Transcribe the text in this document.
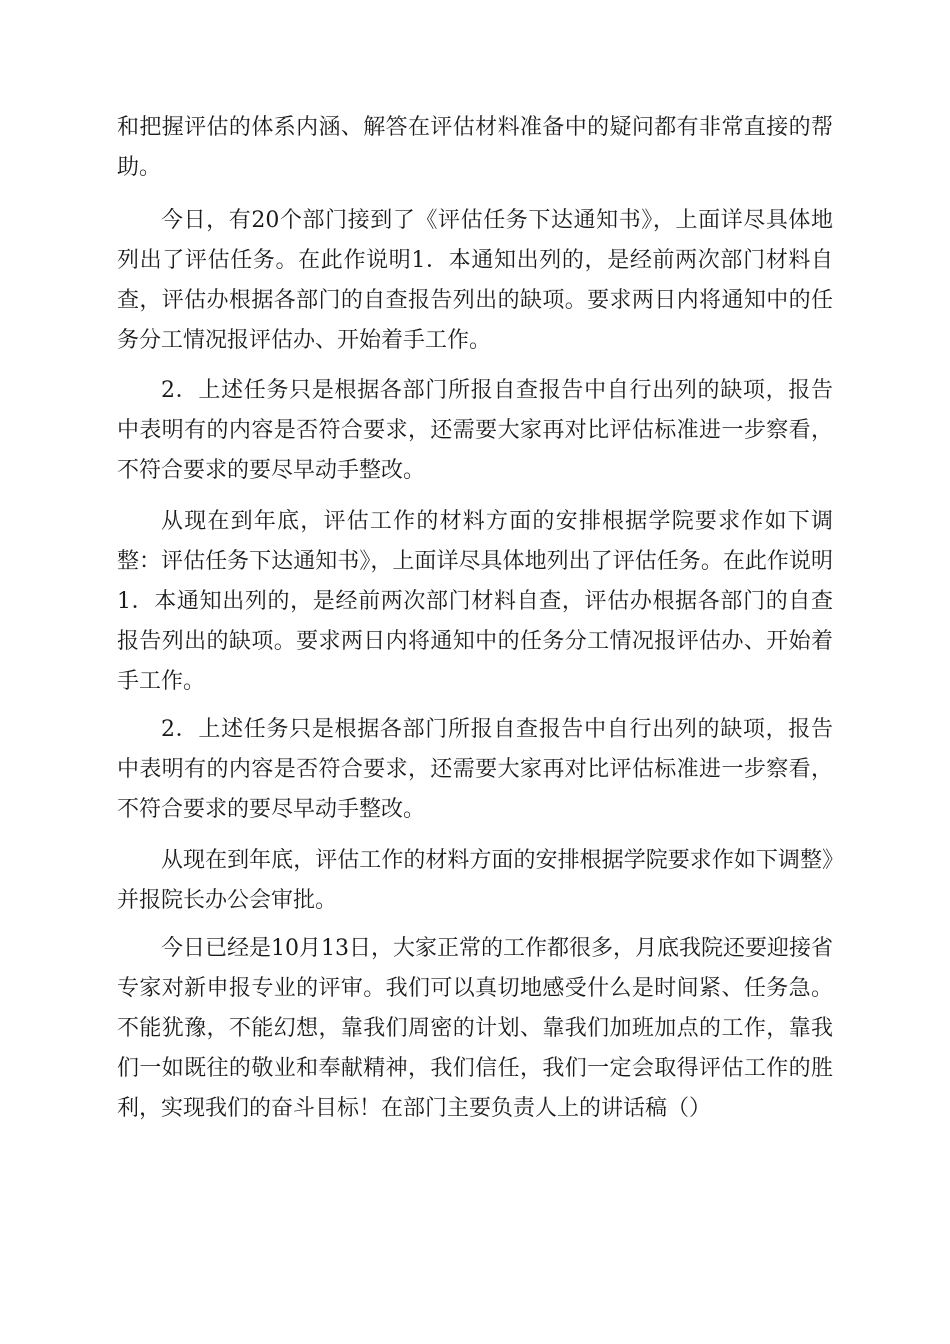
和把握评估的体系内涵、解答在评估材料准备中的疑问都有非常直接的帮助。

今日，有20个部门接到了《评估任务下达通知书》，上面详尽具体地列出了评估任务。在此作说明1．本通知出列的，是经前两次部门材料自查，评估办根据各部门的自查报告列出的缺项。要求两日内将通知中的任务分工情况报评估办、开始着手工作。

2．上述任务只是根据各部门所报自查报告中自行出列的缺项，报告中表明有的内容是否符合要求，还需要大家再对比评估标准进一步察看，不符合要求的要尽早动手整改。

从现在到年底，评估工作的材料方面的安排根据学院要求作如下调整：评估任务下达通知书》，上面详尽具体地列出了评估任务。在此作说明1．本通知出列的，是经前两次部门材料自查，评估办根据各部门的自查报告列出的缺项。要求两日内将通知中的任务分工情况报评估办、开始着手工作。

2．上述任务只是根据各部门所报自查报告中自行出列的缺项，报告中表明有的内容是否符合要求，还需要大家再对比评估标准进一步察看，不符合要求的要尽早动手整改。

从现在到年底，评估工作的材料方面的安排根据学院要求作如下调整》并报院长办公会审批。

今日已经是10月13日，大家正常的工作都很多，月底我院还要迎接省专家对新申报专业的评审。我们可以真切地感受什么是时间紧、任务急。不能犹豫，不能幻想，靠我们周密的计划、靠我们加班加点的工作，靠我们一如既往的敬业和奉献精神，我们信任，我们一定会取得评估工作的胜利，实现我们的奋斗目标！在部门主要负责人上的讲话稿（）
